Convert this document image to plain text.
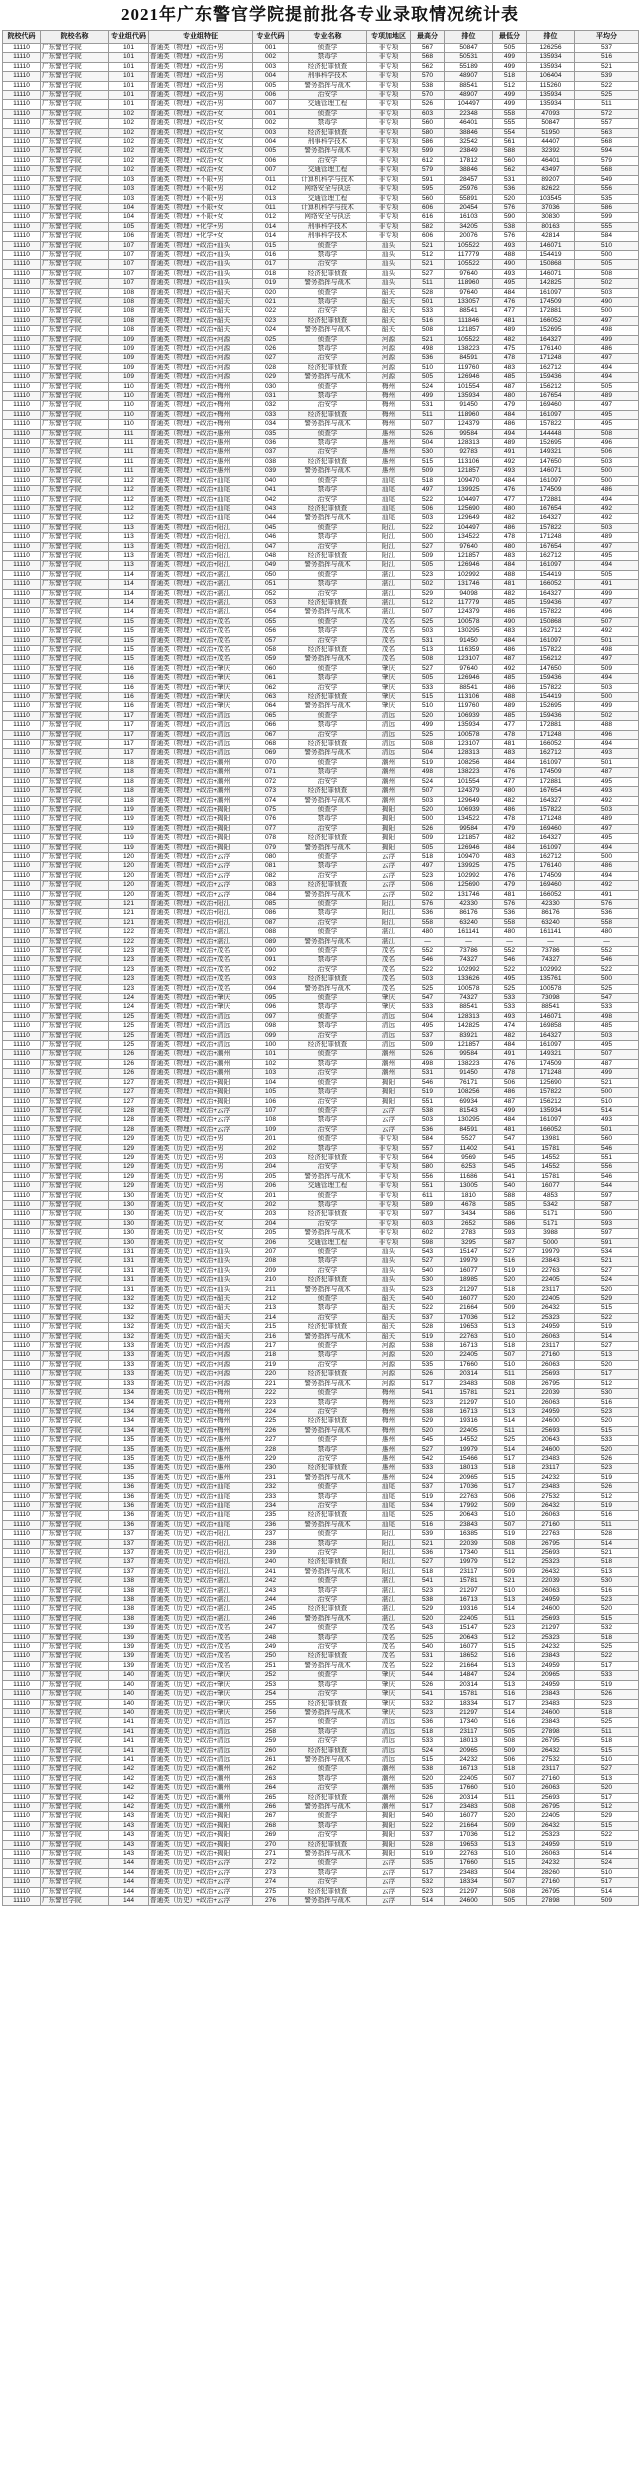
2021年广东警官学院提前批各专业录取情况统计表
院校代码	院校名称	专业组代码	专业组特征	专业代码	专业名称	专项加地区	最高分	排位	最低分	排位	平均分
11110	广东警官学院	101	普通类（物理）+政治+男	001	侦查学	非专项	567	50847	505	126256	537
11110	广东警官学院	101	普通类（物理）+政治+男	002	禁毒学	非专项	568	50531	499	135934	516
11110	广东警官学院	101	普通类（物理）+政治+男	003	经济犯罪侦查	非专项	562	55189	499	135934	521
11110	广东警官学院	101	普通类（物理）+政治+男	004	刑事科学技术	非专项	570	48907	518	106404	539
11110	广东警官学院	101	普通类（物理）+政治+男	005	警务指挥与战术	非专项	538	88541	512	115260	522
11110	广东警官学院	101	普通类（物理）+政治+男	006	治安学	非专项	570	48907	499	135934	525
11110	广东警官学院	101	普通类（物理）+政治+男	007	交通管理工程	非专项	526	104497	499	135934	511
11110	广东警官学院	102	普通类（物理）+政治+女	001	侦查学	非专项	603	22348	558	47093	572
11110	广东警官学院	102	普通类（物理）+政治+女	002	禁毒学	非专项	560	46401	555	50847	557
11110	广东警官学院	102	普通类（物理）+政治+女	003	经济犯罪侦查	非专项	580	38846	554	51950	563
11110	广东警官学院	102	普通类（物理）+政治+女	004	刑事科学技术	非专项	586	32542	561	44407	568
11110	广东警官学院	102	普通类（物理）+政治+女	005	警务指挥与战术	非专项	599	23849	588	32392	594
11110	广东警官学院	102	普通类（物理）+政治+女	006	治安学	非专项	612	17812	560	46401	579
11110	广东警官学院	102	普通类（物理）+政治+女	007	交通管理工程	非专项	579	38846	562	43497	568
11110	广东警官学院	103	普通类（物理）+不限+男	011	计算机科学与技术	非专项	591	28457	531	89207	549
11110	广东警官学院	103	普通类（物理）+不限+男	012	网络安全与执法	非专项	595	25976	536	82622	556
11110	广东警官学院	103	普通类（物理）+不限+男	013	交通管理工程	非专项	560	55891	520	103545	535
11110	广东警官学院	104	普通类（物理）+不限+女	011	计算机科学与技术	非专项	606	20454	576	37036	586
11110	广东警官学院	104	普通类（物理）+不限+女	012	网络安全与执法	非专项	616	16103	590	30830	599
11110	广东警官学院	105	普通类（物理）+化学+男	014	刑事科学技术	非专项	582	34205	538	80163	555
11110	广东警官学院	106	普通类（物理）+化学+女	014	刑事科学技术	非专项	606	20076	576	42814	584
11110	广东警官学院	107	普通类（物理）+政治+汕头	015	侦查学	汕头	521	105522	493	146071	510
11110	广东警官学院	107	普通类（物理）+政治+汕头	016	禁毒学	汕头	512	117779	488	154419	500
11110	广东警官学院	107	普通类（物理）+政治+汕头	017	治安学	汕头	521	105522	490	150868	505
11110	广东警官学院	107	普通类（物理）+政治+汕头	018	经济犯罪侦查	汕头	527	97640	493	146071	508
11110	广东警官学院	107	普通类（物理）+政治+汕头	019	警务指挥与战术	汕头	511	118960	495	142825	502
11110	广东警官学院	108	普通类（物理）+政治+韶关	020	侦查学	韶关	528	97640	484	161097	503
11110	广东警官学院	108	普通类（物理）+政治+韶关	021	禁毒学	韶关	501	133057	476	174509	490
11110	广东警官学院	108	普通类（物理）+政治+韶关	022	治安学	韶关	533	88541	477	172881	500
11110	广东警官学院	108	普通类（物理）+政治+韶关	023	经济犯罪侦查	韶关	516	111846	481	166052	497
11110	广东警官学院	108	普通类（物理）+政治+韶关	024	警务指挥与战术	韶关	508	121857	489	152695	498
11110	广东警官学院	109	普通类（物理）+政治+河源	025	侦查学	河源	521	105522	482	164327	499
11110	广东警官学院	109	普通类（物理）+政治+河源	026	禁毒学	河源	498	138223	475	176140	486
11110	广东警官学院	109	普通类（物理）+政治+河源	027	治安学	河源	536	84591	478	171248	497
11110	广东警官学院	109	普通类（物理）+政治+河源	028	经济犯罪侦查	河源	510	119760	483	162712	494
11110	广东警官学院	109	普通类（物理）+政治+河源	029	警务指挥与战术	河源	505	126946	485	159436	494
11110	广东警官学院	110	普通类（物理）+政治+梅州	030	侦查学	梅州	524	101554	487	156212	505
11110	广东警官学院	110	普通类（物理）+政治+梅州	031	禁毒学	梅州	499	135934	480	167654	489
11110	广东警官学院	110	普通类（物理）+政治+梅州	032	治安学	梅州	531	91450	479	169460	497
11110	广东警官学院	110	普通类（物理）+政治+梅州	033	经济犯罪侦查	梅州	511	118960	484	161097	495
11110	广东警官学院	110	普通类（物理）+政治+梅州	034	警务指挥与战术	梅州	507	124379	486	157822	495
11110	广东警官学院	111	普通类（物理）+政治+惠州	035	侦查学	惠州	526	99584	494	144448	508
11110	广东警官学院	111	普通类（物理）+政治+惠州	036	禁毒学	惠州	504	128313	489	152695	496
11110	广东警官学院	111	普通类（物理）+政治+惠州	037	治安学	惠州	530	92783	491	149321	506
11110	广东警官学院	111	普通类（物理）+政治+惠州	038	经济犯罪侦查	惠州	515	113106	492	147650	503
11110	广东警官学院	111	普通类（物理）+政治+惠州	039	警务指挥与战术	惠州	509	121857	493	146071	500
11110	广东警官学院	112	普通类（物理）+政治+汕尾	040	侦查学	汕尾	518	109470	484	161097	500
11110	广东警官学院	112	普通类（物理）+政治+汕尾	041	禁毒学	汕尾	497	139925	476	174509	486
11110	广东警官学院	112	普通类（物理）+政治+汕尾	042	治安学	汕尾	522	104497	477	172881	494
11110	广东警官学院	112	普通类（物理）+政治+汕尾	043	经济犯罪侦查	汕尾	506	125690	480	167654	492
11110	广东警官学院	112	普通类（物理）+政治+汕尾	044	警务指挥与战术	汕尾	503	129649	482	164327	492
11110	广东警官学院	113	普通类（物理）+政治+阳江	045	侦查学	阳江	522	104497	486	157822	503
11110	广东警官学院	113	普通类（物理）+政治+阳江	046	禁毒学	阳江	500	134522	478	171248	489
11110	广东警官学院	113	普通类（物理）+政治+阳江	047	治安学	阳江	527	97640	480	167654	497
11110	广东警官学院	113	普通类（物理）+政治+阳江	048	经济犯罪侦查	阳江	509	121857	483	162712	495
11110	广东警官学院	113	普通类（物理）+政治+阳江	049	警务指挥与战术	阳江	505	126946	484	161097	494
11110	广东警官学院	114	普通类（物理）+政治+湛江	050	侦查学	湛江	523	102992	488	154419	505
11110	广东警官学院	114	普通类（物理）+政治+湛江	051	禁毒学	湛江	502	131746	481	166052	491
11110	广东警官学院	114	普通类（物理）+政治+湛江	052	治安学	湛江	529	94098	482	164327	499
11110	广东警官学院	114	普通类（物理）+政治+湛江	053	经济犯罪侦查	湛江	512	117779	485	159436	497
11110	广东警官学院	114	普通类（物理）+政治+湛江	054	警务指挥与战术	湛江	507	124379	486	157822	496
11110	广东警官学院	115	普通类（物理）+政治+茂名	055	侦查学	茂名	525	100578	490	150868	507
11110	广东警官学院	115	普通类（物理）+政治+茂名	056	禁毒学	茂名	503	130295	483	162712	492
11110	广东警官学院	115	普通类（物理）+政治+茂名	057	治安学	茂名	531	91450	484	161097	501
11110	广东警官学院	115	普通类（物理）+政治+茂名	058	经济犯罪侦查	茂名	513	116359	486	157822	498
11110	广东警官学院	115	普通类（物理）+政治+茂名	059	警务指挥与战术	茂名	508	123107	487	156212	497
11110	广东警官学院	116	普通类（物理）+政治+肇庆	060	侦查学	肇庆	527	97640	492	147650	509
11110	广东警官学院	116	普通类（物理）+政治+肇庆	061	禁毒学	肇庆	505	126946	485	159436	494
11110	广东警官学院	116	普通类（物理）+政治+肇庆	062	治安学	肇庆	533	88541	486	157822	503
11110	广东警官学院	116	普通类（物理）+政治+肇庆	063	经济犯罪侦查	肇庆	515	113106	488	154419	500
11110	广东警官学院	116	普通类（物理）+政治+肇庆	064	警务指挥与战术	肇庆	510	119760	489	152695	499
11110	广东警官学院	117	普通类（物理）+政治+清远	065	侦查学	清远	520	106939	485	159436	502
11110	广东警官学院	117	普通类（物理）+政治+清远	066	禁毒学	清远	499	135934	477	172881	488
11110	广东警官学院	117	普通类（物理）+政治+清远	067	治安学	清远	525	100578	478	171248	496
11110	广东警官学院	117	普通类（物理）+政治+清远	068	经济犯罪侦查	清远	508	123107	481	166052	494
11110	广东警官学院	117	普通类（物理）+政治+清远	069	警务指挥与战术	清远	504	128313	483	162712	493
11110	广东警官学院	118	普通类（物理）+政治+潮州	070	侦查学	潮州	519	108256	484	161097	501
11110	广东警官学院	118	普通类（物理）+政治+潮州	071	禁毒学	潮州	498	138223	476	174509	487
11110	广东警官学院	118	普通类（物理）+政治+潮州	072	治安学	潮州	524	101554	477	172881	495
11110	广东警官学院	118	普通类（物理）+政治+潮州	073	经济犯罪侦查	潮州	507	124379	480	167654	493
11110	广东警官学院	118	普通类（物理）+政治+潮州	074	警务指挥与战术	潮州	503	129649	482	164327	492
11110	广东警官学院	119	普通类（物理）+政治+揭阳	075	侦查学	揭阳	520	106939	486	157822	503
11110	广东警官学院	119	普通类（物理）+政治+揭阳	076	禁毒学	揭阳	500	134522	478	171248	489
11110	广东警官学院	119	普通类（物理）+政治+揭阳	077	治安学	揭阳	526	99584	479	169460	497
11110	广东警官学院	119	普通类（物理）+政治+揭阳	078	经济犯罪侦查	揭阳	509	121857	482	164327	495
11110	广东警官学院	119	普通类（物理）+政治+揭阳	079	警务指挥与战术	揭阳	505	126946	484	161097	494
11110	广东警官学院	120	普通类（物理）+政治+云浮	080	侦查学	云浮	518	109470	483	162712	500
11110	广东警官学院	120	普通类（物理）+政治+云浮	081	禁毒学	云浮	497	139925	475	176140	486
11110	广东警官学院	120	普通类（物理）+政治+云浮	082	治安学	云浮	523	102992	476	174509	494
11110	广东警官学院	120	普通类（物理）+政治+云浮	083	经济犯罪侦查	云浮	506	125690	479	169460	492
11110	广东警官学院	120	普通类（物理）+政治+云浮	084	警务指挥与战术	云浮	502	131746	481	166052	491
11110	广东警官学院	121	普通类（物理）+政治+阳江	085	侦查学	阳江	576	42330	576	42330	576
11110	广东警官学院	121	普通类（物理）+政治+阳江	086	禁毒学	阳江	536	86176	536	86176	536
11110	广东警官学院	121	普通类（物理）+政治+阳江	087	治安学	阳江	558	63240	558	63240	558
11110	广东警官学院	122	普通类（物理）+政治+湛江	088	侦查学	湛江	480	161141	480	161141	480
11110	广东警官学院	122	普通类（物理）+政治+湛江	089	警务指挥与战术	湛江	—	—	—	—	—
11110	广东警官学院	123	普通类（物理）+政治+茂名	090	侦查学	茂名	552	73786	552	73786	552
11110	广东警官学院	123	普通类（物理）+政治+茂名	091	禁毒学	茂名	546	74327	546	74327	546
11110	广东警官学院	123	普通类（物理）+政治+茂名	092	治安学	茂名	522	102992	522	102992	522
11110	广东警官学院	123	普通类（物理）+政治+茂名	093	经济犯罪侦查	茂名	503	133626	495	135761	500
11110	广东警官学院	123	普通类（物理）+政治+茂名	094	警务指挥与战术	茂名	525	100578	525	100578	525
11110	广东警官学院	124	普通类（物理）+政治+肇庆	095	侦查学	肇庆	547	74327	533	73098	547
11110	广东警官学院	124	普通类（物理）+政治+肇庆	096	禁毒学	肇庆	533	88541	533	88541	533
11110	广东警官学院	125	普通类（物理）+政治+清远	097	侦查学	清远	504	128313	493	146071	498
11110	广东警官学院	125	普通类（物理）+政治+清远	098	禁毒学	清远	495	142825	474	169858	485
11110	广东警官学院	125	普通类（物理）+政治+清远	099	治安学	清远	537	83921	482	164327	503
11110	广东警官学院	125	普通类（物理）+政治+清远	100	经济犯罪侦查	清远	509	121857	484	161097	495
11110	广东警官学院	126	普通类（物理）+政治+潮州	101	侦查学	潮州	526	99584	491	149321	507
11110	广东警官学院	126	普通类（物理）+政治+潮州	102	禁毒学	潮州	498	138223	476	174509	487
11110	广东警官学院	126	普通类（物理）+政治+潮州	103	治安学	潮州	531	91450	478	171248	499
11110	广东警官学院	127	普通类（物理）+政治+揭阳	104	侦查学	揭阳	546	76171	506	125690	521
11110	广东警官学院	127	普通类（物理）+政治+揭阳	105	禁毒学	揭阳	519	108256	486	157822	500
11110	广东警官学院	127	普通类（物理）+政治+揭阳	106	治安学	揭阳	551	69934	487	156212	510
11110	广东警官学院	128	普通类（物理）+政治+云浮	107	侦查学	云浮	538	81543	499	135934	514
11110	广东警官学院	128	普通类（物理）+政治+云浮	108	禁毒学	云浮	503	130295	484	161097	493
11110	广东警官学院	128	普通类（物理）+政治+云浮	109	治安学	云浮	536	84591	481	166052	501
11110	广东警官学院	129	普通类（历史）+政治+男	201	侦查学	非专项	584	5527	547	13981	560
11110	广东警官学院	129	普通类（历史）+政治+男	202	禁毒学	非专项	557	11402	541	15781	546
11110	广东警官学院	129	普通类（历史）+政治+男	203	经济犯罪侦查	非专项	564	9569	545	14552	551
11110	广东警官学院	129	普通类（历史）+政治+男	204	治安学	非专项	580	6253	545	14552	556
11110	广东警官学院	129	普通类（历史）+政治+男	205	警务指挥与战术	非专项	556	11686	541	15781	546
11110	广东警官学院	129	普通类（历史）+政治+男	206	交通管理工程	非专项	551	13005	540	16077	544
11110	广东警官学院	130	普通类（历史）+政治+女	201	侦查学	非专项	611	1810	588	4853	597
11110	广东警官学院	130	普通类（历史）+政治+女	202	禁毒学	非专项	589	4678	585	5342	587
11110	广东警官学院	130	普通类（历史）+政治+女	203	经济犯罪侦查	非专项	597	3434	586	5171	590
11110	广东警官学院	130	普通类（历史）+政治+女	204	治安学	非专项	603	2652	586	5171	593
11110	广东警官学院	130	普通类（历史）+政治+女	205	警务指挥与战术	非专项	602	2783	593	3988	597
11110	广东警官学院	130	普通类（历史）+政治+女	206	交通管理工程	非专项	598	3295	587	5000	591
11110	广东警官学院	131	普通类（历史）+政治+汕头	207	侦查学	汕头	543	15147	527	19979	534
11110	广东警官学院	131	普通类（历史）+政治+汕头	208	禁毒学	汕头	527	19979	516	23843	521
11110	广东警官学院	131	普通类（历史）+政治+汕头	209	治安学	汕头	540	16077	519	22763	527
11110	广东警官学院	131	普通类（历史）+政治+汕头	210	经济犯罪侦查	汕头	530	18985	520	22405	524
11110	广东警官学院	131	普通类（历史）+政治+汕头	211	警务指挥与战术	汕头	523	21297	518	23117	520
11110	广东警官学院	132	普通类（历史）+政治+韶关	212	侦查学	韶关	540	16077	520	22405	529
11110	广东警官学院	132	普通类（历史）+政治+韶关	213	禁毒学	韶关	522	21664	509	26432	515
11110	广东警官学院	132	普通类（历史）+政治+韶关	214	治安学	韶关	537	17036	512	25323	522
11110	广东警官学院	132	普通类（历史）+政治+韶关	215	经济犯罪侦查	韶关	528	19653	513	24959	519
11110	广东警官学院	132	普通类（历史）+政治+韶关	216	警务指挥与战术	韶关	519	22763	510	26063	514
11110	广东警官学院	133	普通类（历史）+政治+河源	217	侦查学	河源	538	16713	518	23117	527
11110	广东警官学院	133	普通类（历史）+政治+河源	218	禁毒学	河源	520	22405	507	27160	513
11110	广东警官学院	133	普通类（历史）+政治+河源	219	治安学	河源	535	17660	510	26063	520
11110	广东警官学院	133	普通类（历史）+政治+河源	220	经济犯罪侦查	河源	526	20314	511	25693	517
11110	广东警官学院	133	普通类（历史）+政治+河源	221	警务指挥与战术	河源	517	23483	508	26795	512
11110	广东警官学院	134	普通类（历史）+政治+梅州	222	侦查学	梅州	541	15781	521	22039	530
11110	广东警官学院	134	普通类（历史）+政治+梅州	223	禁毒学	梅州	523	21297	510	26063	516
11110	广东警官学院	134	普通类（历史）+政治+梅州	224	治安学	梅州	538	16713	513	24959	523
11110	广东警官学院	134	普通类（历史）+政治+梅州	225	经济犯罪侦查	梅州	529	19316	514	24600	520
11110	广东警官学院	134	普通类（历史）+政治+梅州	226	警务指挥与战术	梅州	520	22405	511	25693	515
11110	广东警官学院	135	普通类（历史）+政治+惠州	227	侦查学	惠州	545	14552	525	20643	533
11110	广东警官学院	135	普通类（历史）+政治+惠州	228	禁毒学	惠州	527	19979	514	24600	520
11110	广东警官学院	135	普通类（历史）+政治+惠州	229	治安学	惠州	542	15466	517	23483	526
11110	广东警官学院	135	普通类（历史）+政治+惠州	230	经济犯罪侦查	惠州	533	18013	518	23117	523
11110	广东警官学院	135	普通类（历史）+政治+惠州	231	警务指挥与战术	惠州	524	20965	515	24232	519
11110	广东警官学院	136	普通类（历史）+政治+汕尾	232	侦查学	汕尾	537	17036	517	23483	526
11110	广东警官学院	136	普通类（历史）+政治+汕尾	233	禁毒学	汕尾	519	22763	506	27532	512
11110	广东警官学院	136	普通类（历史）+政治+汕尾	234	治安学	汕尾	534	17992	509	26432	519
11110	广东警官学院	136	普通类（历史）+政治+汕尾	235	经济犯罪侦查	汕尾	525	20643	510	26063	516
11110	广东警官学院	136	普通类（历史）+政治+汕尾	236	警务指挥与战术	汕尾	516	23843	507	27160	511
11110	广东警官学院	137	普通类（历史）+政治+阳江	237	侦查学	阳江	539	16385	519	22763	528
11110	广东警官学院	137	普通类（历史）+政治+阳江	238	禁毒学	阳江	521	22039	508	26795	514
11110	广东警官学院	137	普通类（历史）+政治+阳江	239	治安学	阳江	536	17340	511	25693	521
11110	广东警官学院	137	普通类（历史）+政治+阳江	240	经济犯罪侦查	阳江	527	19979	512	25323	518
11110	广东警官学院	137	普通类（历史）+政治+阳江	241	警务指挥与战术	阳江	518	23117	509	26432	513
11110	广东警官学院	138	普通类（历史）+政治+湛江	242	侦查学	湛江	541	15781	521	22039	530
11110	广东警官学院	138	普通类（历史）+政治+湛江	243	禁毒学	湛江	523	21297	510	26063	516
11110	广东警官学院	138	普通类（历史）+政治+湛江	244	治安学	湛江	538	16713	513	24959	523
11110	广东警官学院	138	普通类（历史）+政治+湛江	245	经济犯罪侦查	湛江	529	19316	514	24600	520
11110	广东警官学院	138	普通类（历史）+政治+湛江	246	警务指挥与战术	湛江	520	22405	511	25693	515
11110	广东警官学院	139	普通类（历史）+政治+茂名	247	侦查学	茂名	543	15147	523	21297	532
11110	广东警官学院	139	普通类（历史）+政治+茂名	248	禁毒学	茂名	525	20643	512	25323	518
11110	广东警官学院	139	普通类（历史）+政治+茂名	249	治安学	茂名	540	16077	515	24232	525
11110	广东警官学院	139	普通类（历史）+政治+茂名	250	经济犯罪侦查	茂名	531	18652	516	23843	522
11110	广东警官学院	139	普通类（历史）+政治+茂名	251	警务指挥与战术	茂名	522	21664	513	24959	517
11110	广东警官学院	140	普通类（历史）+政治+肇庆	252	侦查学	肇庆	544	14847	524	20965	533
11110	广东警官学院	140	普通类（历史）+政治+肇庆	253	禁毒学	肇庆	526	20314	513	24959	519
11110	广东警官学院	140	普通类（历史）+政治+肇庆	254	治安学	肇庆	541	15781	516	23843	526
11110	广东警官学院	140	普通类（历史）+政治+肇庆	255	经济犯罪侦查	肇庆	532	18334	517	23483	523
11110	广东警官学院	140	普通类（历史）+政治+肇庆	256	警务指挥与战术	肇庆	523	21297	514	24600	518
11110	广东警官学院	141	普通类（历史）+政治+清远	257	侦查学	清远	536	17340	516	23843	525
11110	广东警官学院	141	普通类（历史）+政治+清远	258	禁毒学	清远	518	23117	505	27898	511
11110	广东警官学院	141	普通类（历史）+政治+清远	259	治安学	清远	533	18013	508	26795	518
11110	广东警官学院	141	普通类（历史）+政治+清远	260	经济犯罪侦查	清远	524	20965	509	26432	515
11110	广东警官学院	141	普通类（历史）+政治+清远	261	警务指挥与战术	清远	515	24232	506	27532	510
11110	广东警官学院	142	普通类（历史）+政治+潮州	262	侦查学	潮州	538	16713	518	23117	527
11110	广东警官学院	142	普通类（历史）+政治+潮州	263	禁毒学	潮州	520	22405	507	27160	513
11110	广东警官学院	142	普通类（历史）+政治+潮州	264	治安学	潮州	535	17660	510	26063	520
11110	广东警官学院	142	普通类（历史）+政治+潮州	265	经济犯罪侦查	潮州	526	20314	511	25693	517
11110	广东警官学院	142	普通类（历史）+政治+潮州	266	警务指挥与战术	潮州	517	23483	508	26795	512
11110	广东警官学院	143	普通类（历史）+政治+揭阳	267	侦查学	揭阳	540	16077	520	22405	529
11110	广东警官学院	143	普通类（历史）+政治+揭阳	268	禁毒学	揭阳	522	21664	509	26432	515
11110	广东警官学院	143	普通类（历史）+政治+揭阳	269	治安学	揭阳	537	17036	512	25323	522
11110	广东警官学院	143	普通类（历史）+政治+揭阳	270	经济犯罪侦查	揭阳	528	19653	513	24959	519
11110	广东警官学院	143	普通类（历史）+政治+揭阳	271	警务指挥与战术	揭阳	519	22763	510	26063	514
11110	广东警官学院	144	普通类（历史）+政治+云浮	272	侦查学	云浮	535	17660	515	24232	524
11110	广东警官学院	144	普通类（历史）+政治+云浮	273	禁毒学	云浮	517	23483	504	28260	510
11110	广东警官学院	144	普通类（历史）+政治+云浮	274	治安学	云浮	532	18334	507	27160	517
11110	广东警官学院	144	普通类（历史）+政治+云浮	275	经济犯罪侦查	云浮	523	21297	508	26795	514
11110	广东警官学院	144	普通类（历史）+政治+云浮	276	警务指挥与战术	云浮	514	24600	505	27898	509
